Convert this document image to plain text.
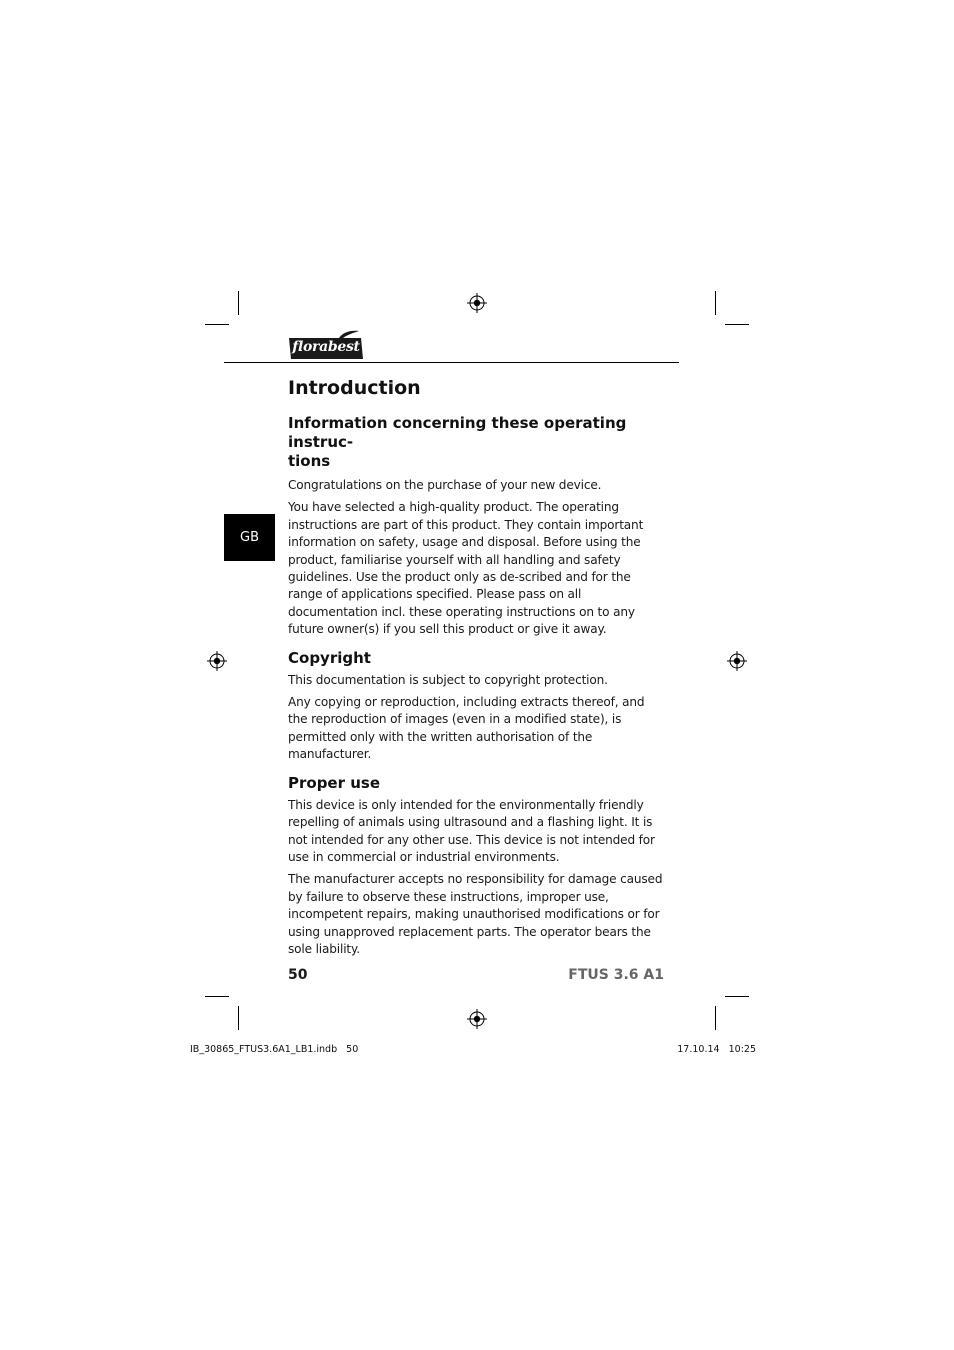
florabest
GB
Introduction
Information concerning these operating instruc-
tions

Congratulations on the purchase of your new device.

You have selected a high-quality product. The operating instructions are part of this product. They contain important information on safety, usage and disposal. Before using the product, familiarise yourself with all handling and safety guidelines. Use the product only as de-scribed and for the range of applications specified. Please pass on all documentation incl. these operating instructions on to any future owner(s) if you sell this product or give it away.

Copyright

This documentation is subject to copyright protection.

Any copying or reproduction, including extracts thereof, and the reproduction of images (even in a modified state), is permitted only with the written authorisation of the manufacturer.

Proper use

This device is only intended for the environmentally friendly repelling of animals using ultrasound and a flashing light. It is not intended for any other use. This device is not intended for use in commercial or industrial environments.

The manufacturer accepts no responsibility for damage caused by failure to observe these instructions, improper use, incompetent repairs, making unauthorised modifications or for using unapproved replacement parts. The operator bears the sole liability.

50	FTUS 3.6 A1
IB_30865_FTUS3.6A1_LB1.indb   50	17.10.14   10:25
